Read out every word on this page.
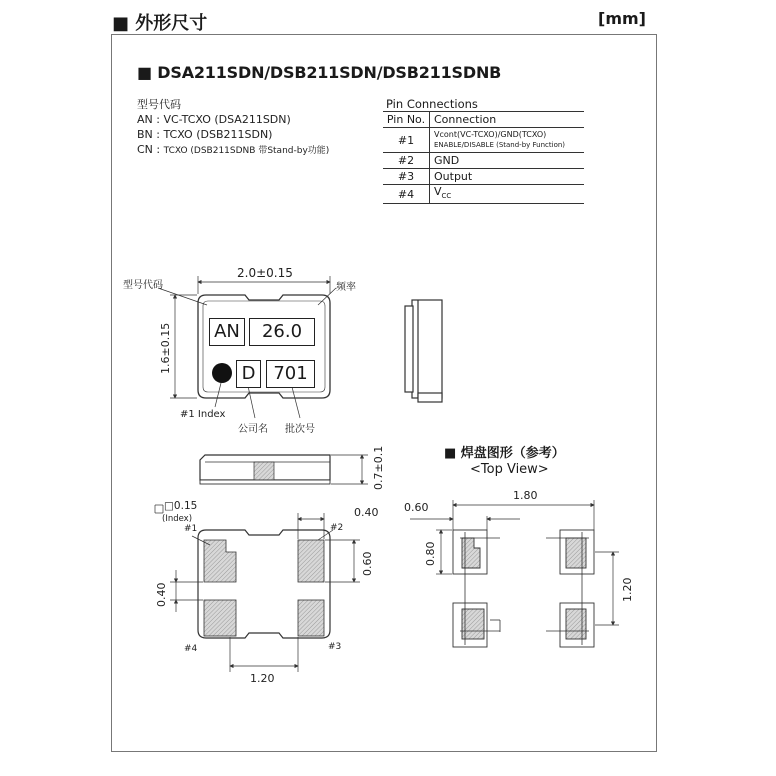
■ 外形尺寸	[mm]
■ DSA211SDN/DSB211SDN/DSB211SDNB
型号代码
AN : VC-TCXO (DSA211SDN)
BN : TCXO (DSB211SDN)
CN : TCXO (DSB211SDNB 带Stand-by功能)
Pin Connections
Pin No.	Connection
#1	Vcont(VC-TCXO)/GND(TCXO)
ENABLE/DISABLE (Stand-by Function)

#2	GND
#3	Output
#4	$V_{CC}$
型号代码	频率
2.0±0.15
1.6±0.15 AN	26.0
D 701
#1 Index
公司名 批次号
0.7±0.1
□0.15
(Index)
#1	#2
#3
#4
0.40
0.60
0.40
1.20
■ 焊盘图形（参考）
<Top View>
0.60
1.80
0.80
1.20
